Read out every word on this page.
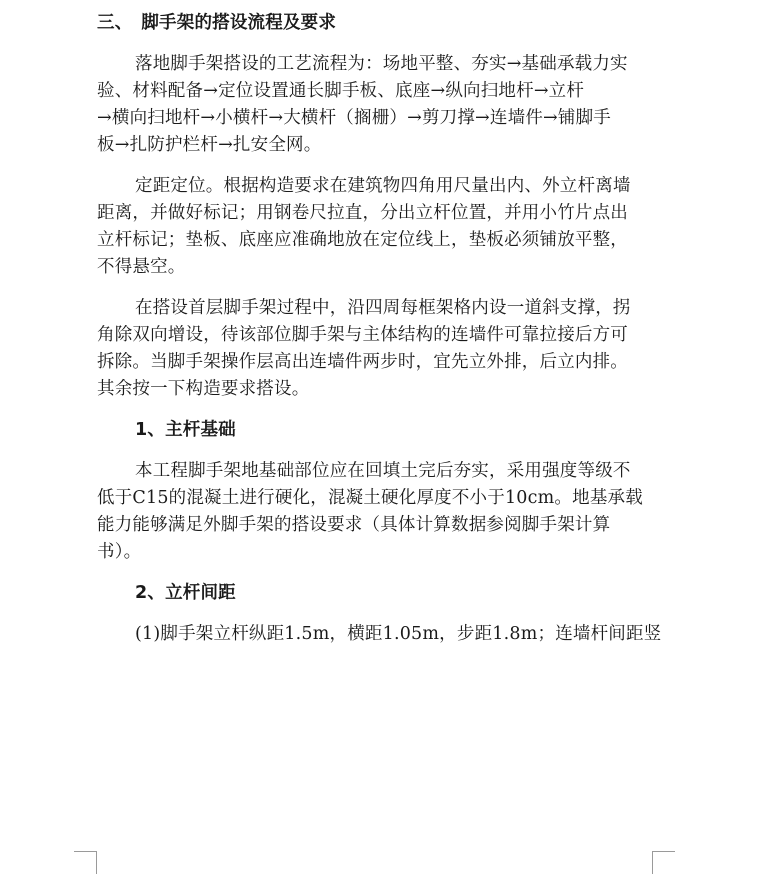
三、　脚手架的搭设流程及要求
落地脚手架搭设的工艺流程为：场地平整、夯实→基础承载力实
验、材料配备→定位设置通长脚手板、底座→纵向扫地杆→立杆
→横向扫地杆→小横杆→大横杆（搁栅）→剪刀撑→连墙件→铺脚手
板→扎防护栏杆→扎安全网。
定距定位。根据构造要求在建筑物四角用尺量出内、外立杆离墙
距离，并做好标记；用钢卷尺拉直，分出立杆位置，并用小竹片点出
立杆标记；垫板、底座应准确地放在定位线上，垫板必须铺放平整，
不得悬空。
在搭设首层脚手架过程中，沿四周每框架格内设一道斜支撑，拐
角除双向增设，待该部位脚手架与主体结构的连墙件可靠拉接后方可
拆除。当脚手架操作层高出连墙件两步时，宜先立外排，后立内排。
其余按一下构造要求搭设。
1、主杆基础
本工程脚手架地基础部位应在回填土完后夯实，采用强度等级不
低于C15的混凝土进行硬化，混凝土硬化厚度不小于10cm。地基承载
能力能够满足外脚手架的搭设要求（具体计算数据参阅脚手架计算
书）。
2、立杆间距
(1)脚手架立杆纵距1.5m，横距1.05m，步距1.8m；连墙杆间距竖
